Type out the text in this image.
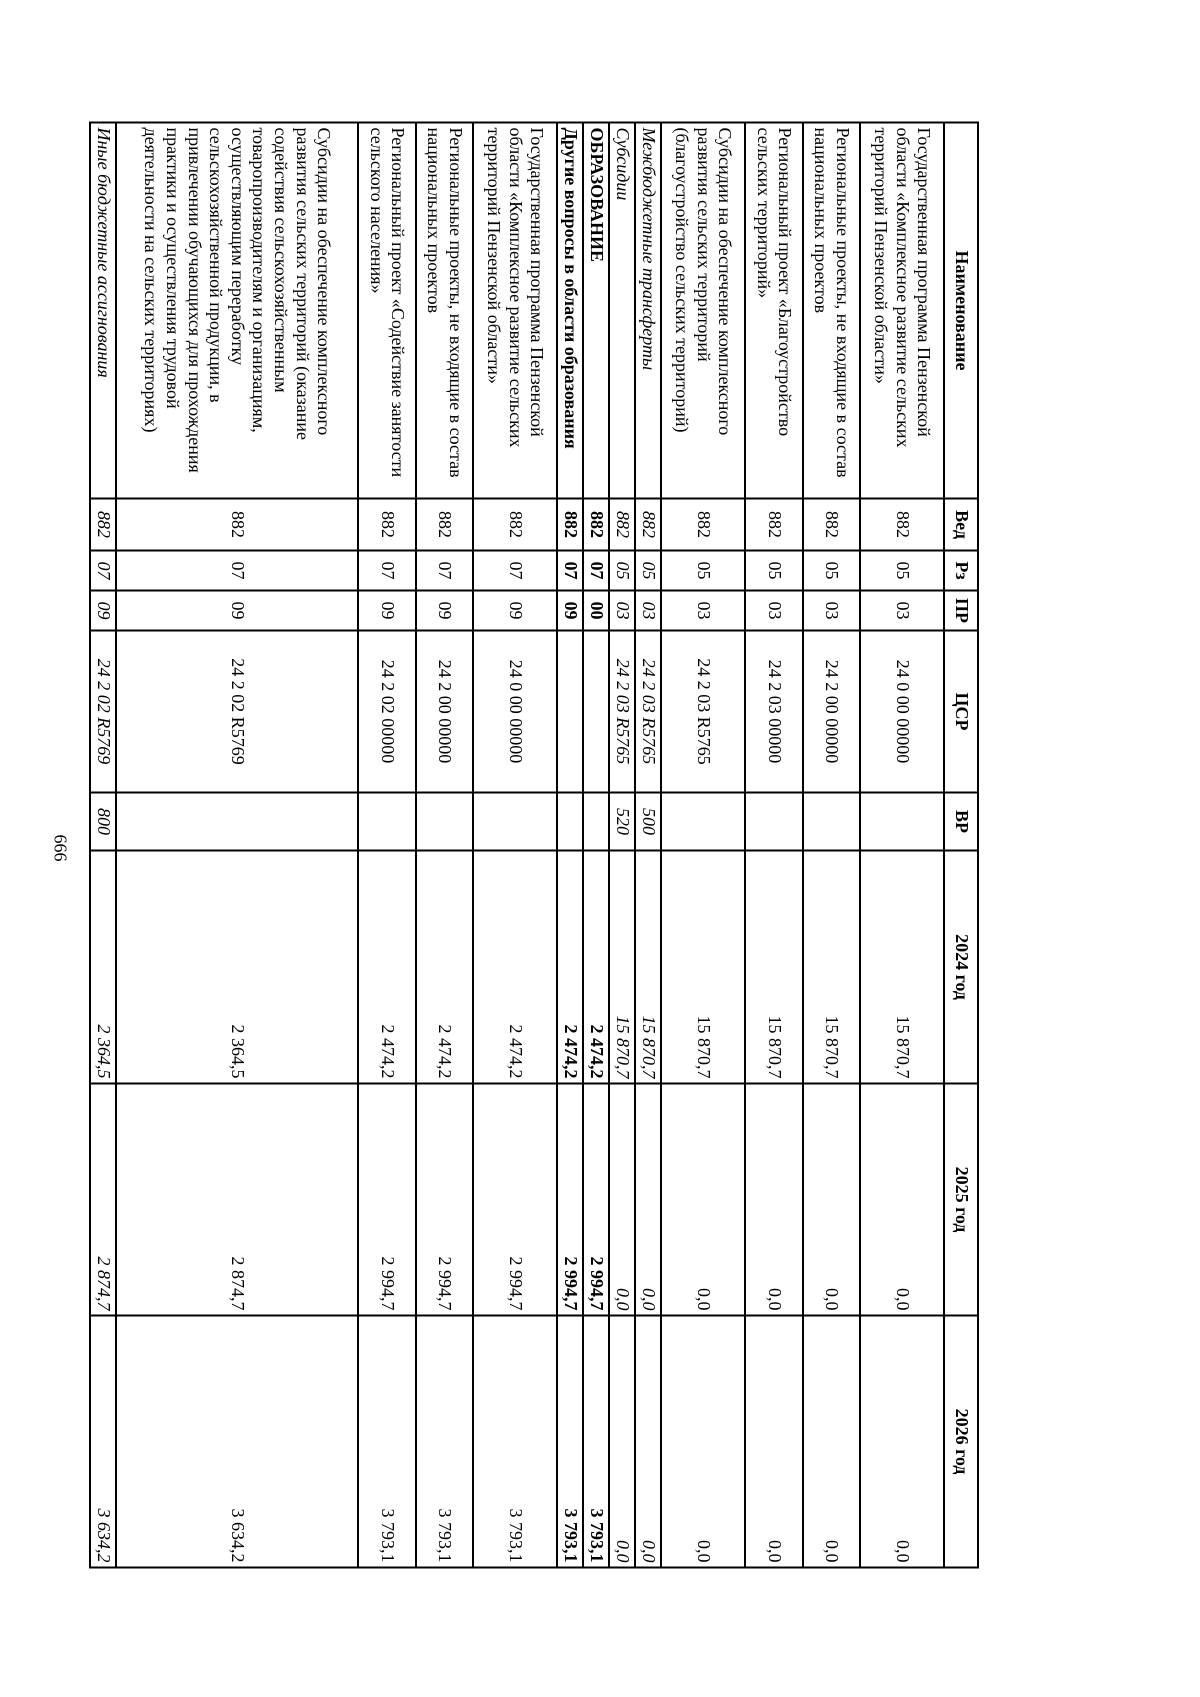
666
Наименование	Вед	Рз	ПР	ЦСР	ВР	2024 год	2025 год	2026 год
Государственная программа Пензенской области «Комплексное развитие сельских территорий Пензенской области»	882	05	03	24 0 00 00000		15 870,7	0,0	0,0
Региональные проекты, не входящие в состав национальных проектов	882	05	03	24 2 00 00000		15 870,7	0,0	0,0
Региональный проект «Благоустройство сельских территорий»	882	05	03	24 2 03 00000		15 870,7	0,0	0,0
Субсидии на обеспечение комплексного развития сельских территорий (благоустройство сельских территорий)	882	05	03	24 2 03 R5765		15 870,7	0,0	0,0
Межбюджетные трансферты	882	05	03	24 2 03 R5765	500	15 870,7	0,0	0,0
Субсидии	882	05	03	24 2 03 R5765	520	15 870,7	0,0	0,0
ОБРАЗОВАНИЕ	882	07	00			2 474,2	2 994,7	3 793,1
Другие вопросы в области образования	882	07	09			2 474,2	2 994,7	3 793,1
Государственная программа Пензенской области «Комплексное развитие сельских территорий Пензенской области»	882	07	09	24 0 00 00000		2 474,2	2 994,7	3 793,1
Региональные проекты, не входящие в состав национальных проектов	882	07	09	24 2 00 00000		2 474,2	2 994,7	3 793,1
Региональный проект «Содействие занятости сельского населения»	882	07	09	24 2 02 00000		2 474,2	2 994,7	3 793,1
Субсидии на обеспечение комплексного развития сельских территорий (оказание содействия сельскохозяйственным товаропроизводителям и организациям, осуществляющим переработку сельскохозяйственной продукции, в привлечении обучающихся для прохождения практики и осуществления трудовой деятельности на сельских территориях)	882	07	09	24 2 02 R5769		2 364,5	2 874,7	3 634,2
Иные бюджетные ассигнования	882	07	09	24 2 02 R5769	800	2 364,5	2 874,7	3 634,2
